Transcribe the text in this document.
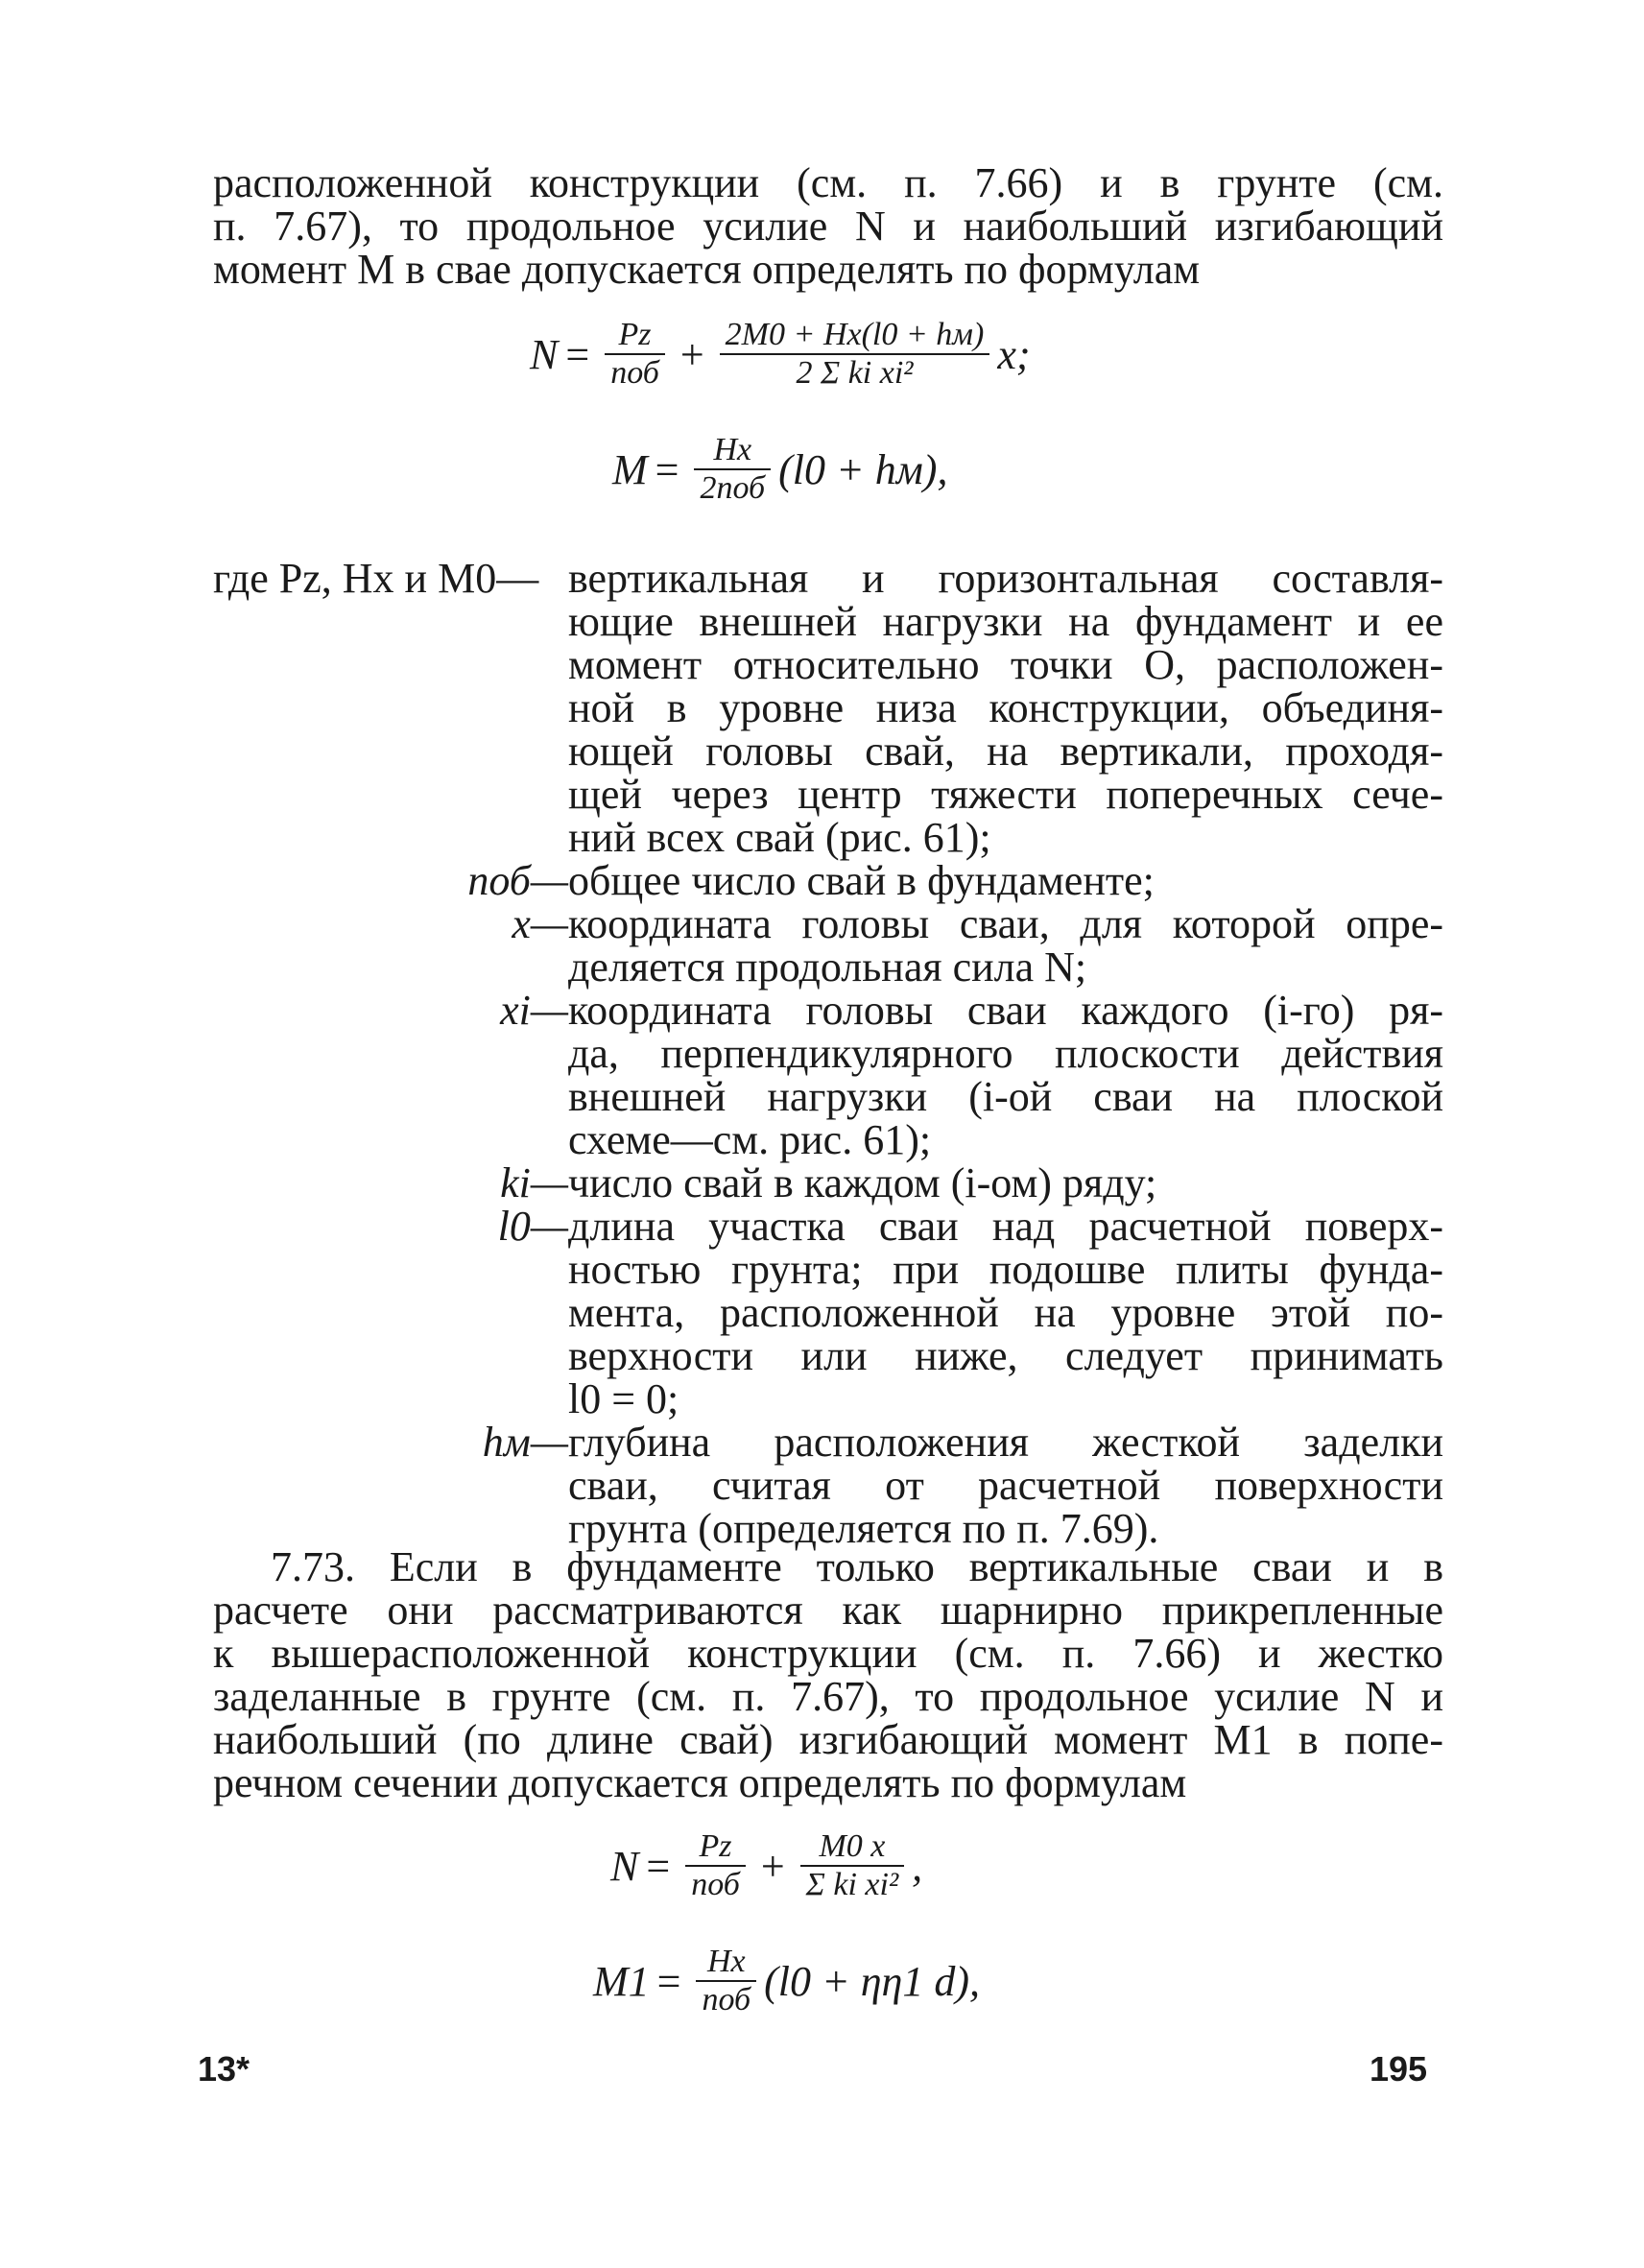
расположенной конструкции (см. п. 7.66) и в грунте (см.
п. 7.67), то продольное усилие N и наибольший изгибающий
момент M в свае допускается определять по формулам
$N = \frac{Pz}{\text{nоб}} + \frac{2M0 + Hx(l0 + hм)}{\text{2 Σ ki xi²}} x$;
$M = \frac{Hx}{\text{2nоб}} (l0 + hм)$,
где Pz, Hx и M0— вертикальная и горизонтальная составля-
ющие внешней нагрузки на фундамент и ее
момент относительно точки O, расположен-
ной в уровне низа конструкции, объединя-
ющей головы свай, на вертикали, проходя-
щей через центр тяжести поперечных сече-
ний всех свай (рис. 61);
nоб— общее число свай в фундаменте;
x— координата головы сваи, для которой опре-
деляется продольная сила N;
xi— координата головы сваи каждого (i-го) ря-
да, перпендикулярного плоскости действия
внешней нагрузки (i-ой сваи на плоской
схеме—см. рис. 61);
ki— число свай в каждом (i-ом) ряду;
l0— длина участка сваи над расчетной поверх-
ностью грунта; при подошве плиты фунда-
мента, расположенной на уровне этой по-
верхности или ниже, следует принимать
l0 = 0;
hм— глубина расположения жесткой заделки
сваи, считая от расчетной поверхности
грунта (определяется по п. 7.69).
7.73. Если в фундаменте только вертикальные сваи и в
расчете они рассматриваются как шарнирно прикрепленные
к вышерасположенной конструкции (см. п. 7.66) и жестко
заделанные в грунте (см. п. 7.67), то продольное усилие N и
наибольший (по длине свай) изгибающий момент M1 в попе-
речном сечении допускается определять по формулам
$N = \frac{Pz}{\text{nоб}} + \frac{M0 x}{\text{Σ ki xi²}}$ ,
$M1 = \frac{Hx}{\text{nоб}} (l0 + \eta\eta 1$ d),
13*	195
